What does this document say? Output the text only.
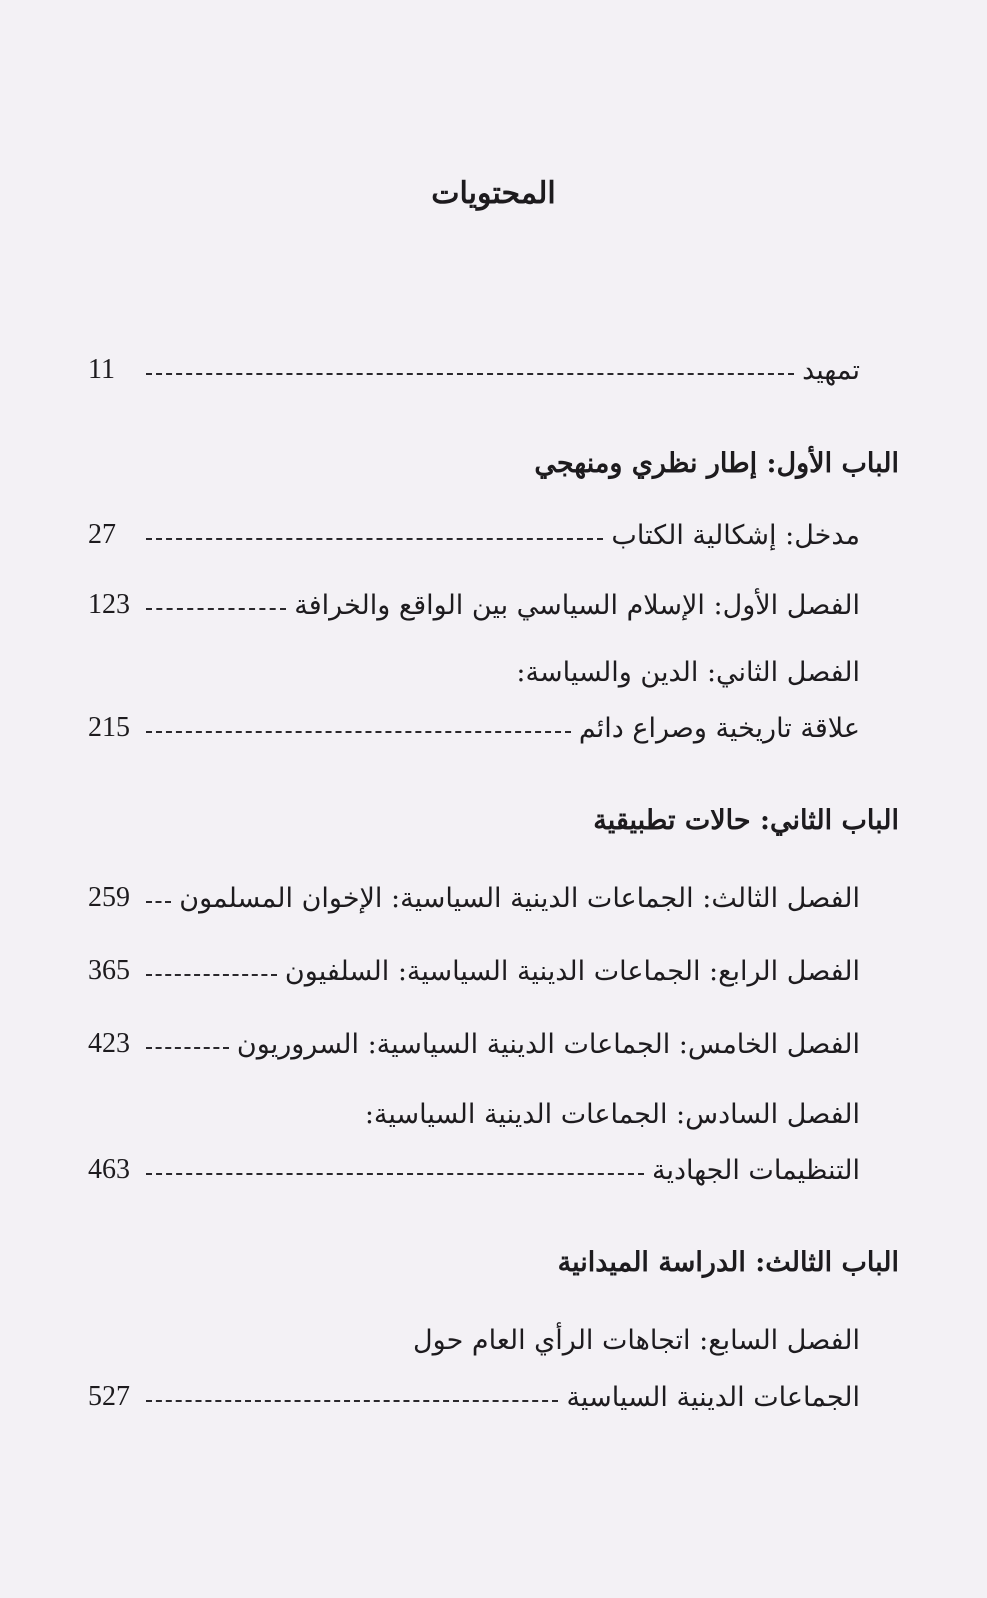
المحتويات
تمهيد
11
الباب الأول: إطار نظري ومنهجي
مدخل: إشكالية الكتاب
27
الفصل الأول: الإسلام السياسي بين الواقع والخرافة
123
الفصل الثاني: الدين والسياسة:
علاقة تاريخية وصراع دائم
215
الباب الثاني: حالات تطبيقية
الفصل الثالث: الجماعات الدينية السياسية: الإخوان المسلمون
259
الفصل الرابع: الجماعات الدينية السياسية: السلفيون
365
الفصل الخامس: الجماعات الدينية السياسية: السروريون
423
الفصل السادس: الجماعات الدينية السياسية:
التنظيمات الجهادية
463
الباب الثالث: الدراسة الميدانية
الفصل السابع: اتجاهات الرأي العام حول
الجماعات الدينية السياسية
527
